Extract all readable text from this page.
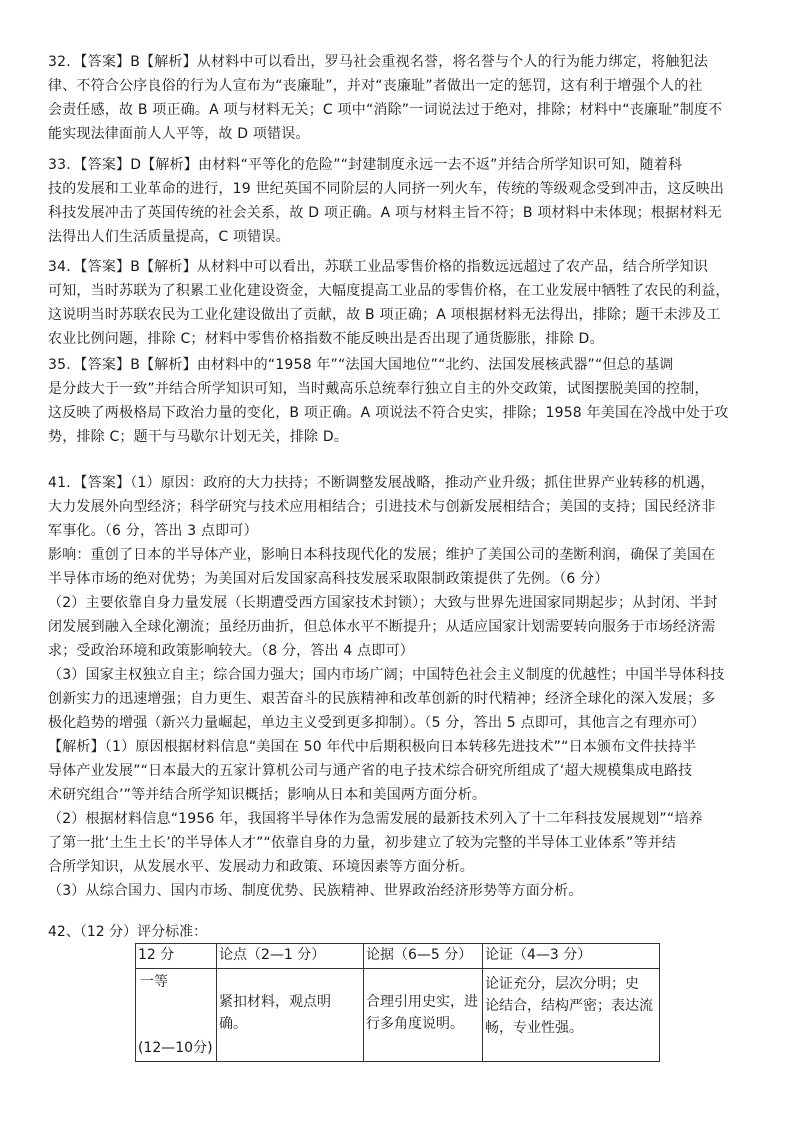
32．【答案】B【解析】从材料中可以看出，罗马社会重视名誉，将名誉与个人的行为能力绑定，将触犯法
律、不符合公序良俗的行为人宣布为“丧廉耻”，并对“丧廉耻”者做出一定的惩罚，这有利于增强个人的社
会责任感，故 B 项正确。A 项与材料无关；C 项中“消除”一词说法过于绝对，排除；材料中“丧廉耻”制度不
能实现法律面前人人平等，故 D 项错误。
33．【答案】D【解析】由材料“平等化的危险”“封建制度永远一去不返”并结合所学知识可知，随着科
技的发展和工业革命的进行，19 世纪英国不同阶层的人同挤一列火车，传统的等级观念受到冲击，这反映出
科技发展冲击了英国传统的社会关系，故 D 项正确。A 项与材料主旨不符；B 项材料中未体现；根据材料无
法得出人们生活质量提高，C 项错误。
34．【答案】B【解析】从材料中可以看出，苏联工业品零售价格的指数远远超过了农产品，结合所学知识
可知，当时苏联为了积累工业化建设资金，大幅度提高工业品的零售价格，在工业发展中牺牲了农民的利益，
这说明当时苏联农民为工业化建设做出了贡献，故 B 项正确；A 项根据材料无法得出，排除；题干未涉及工
农业比例问题，排除 C；材料中零售价格指数不能反映出是否出现了通货膨胀，排除 D。
35．【答案】B【解析】由材料中的“1958 年”“法国大国地位”“北约、法国发展核武器”“但总的基调
是分歧大于一致”并结合所学知识可知，当时戴高乐总统奉行独立自主的外交政策，试图摆脱美国的控制，
这反映了两极格局下政治力量的变化，B 项正确。A 项说法不符合史实，排除；1958 年美国在冷战中处于攻
势，排除 C；题干与马歇尔计划无关，排除 D。
41．【答案】（1）原因：政府的大力扶持；不断调整发展战略，推动产业升级；抓住世界产业转移的机遇，
大力发展外向型经济；科学研究与技术应用相结合；引进技术与创新发展相结合；美国的支持；国民经济非
军事化。（6 分，答出 3 点即可）
影响：重创了日本的半导体产业，影响日本科技现代化的发展；维护了美国公司的垄断利润，确保了美国在
半导体市场的绝对优势；为美国对后发国家高科技发展采取限制政策提供了先例。（6 分）
（2）主要依靠自身力量发展（长期遭受西方国家技术封锁）；大致与世界先进国家同期起步；从封闭、半封
闭发展到融入全球化潮流；虽经历曲折，但总体水平不断提升；从适应国家计划需要转向服务于市场经济需
求；受政治环境和政策影响较大。（8 分，答出 4 点即可）
（3）国家主权独立自主；综合国力强大；国内市场广阔；中国特色社会主义制度的优越性；中国半导体科技
创新实力的迅速增强；自力更生、艰苦奋斗的民族精神和改革创新的时代精神；经济全球化的深入发展；多
极化趋势的增强（新兴力量崛起，单边主义受到更多抑制）。（5 分，答出 5 点即可，其他言之有理亦可）
【解析】（1）原因根据材料信息“美国在 50 年代中后期积极向日本转移先进技术”“日本颁布文件扶持半
导体产业发展”“日本最大的五家计算机公司与通产省的电子技术综合研究所组成了‘超大规模集成电路技
术研究组合’”等并结合所学知识概括；影响从日本和美国两方面分析。
（2）根据材料信息“1956 年，我国将半导体作为急需发展的最新技术列入了十二年科技发展规划”“培养
了第一批‘土生土长’的半导体人才”“依靠自身的力量，初步建立了较为完整的半导体工业体系”等并结
合所学知识，从发展水平、发展动力和政策、环境因素等方面分析。
（3）从综合国力、国内市场、制度优势、民族精神、世界政治经济形势等方面分析。
42、（12 分）评分标准：
12 分	论点（2—1 分）	论据（6—5 分）	论证（4—3 分）

一等
(12—10分)	紧扣材料，观点明
确。	合理引用史实，进
行多角度说明。	论证充分，层次分明；史
论结合，结构严密；表达流
畅，专业性强。
